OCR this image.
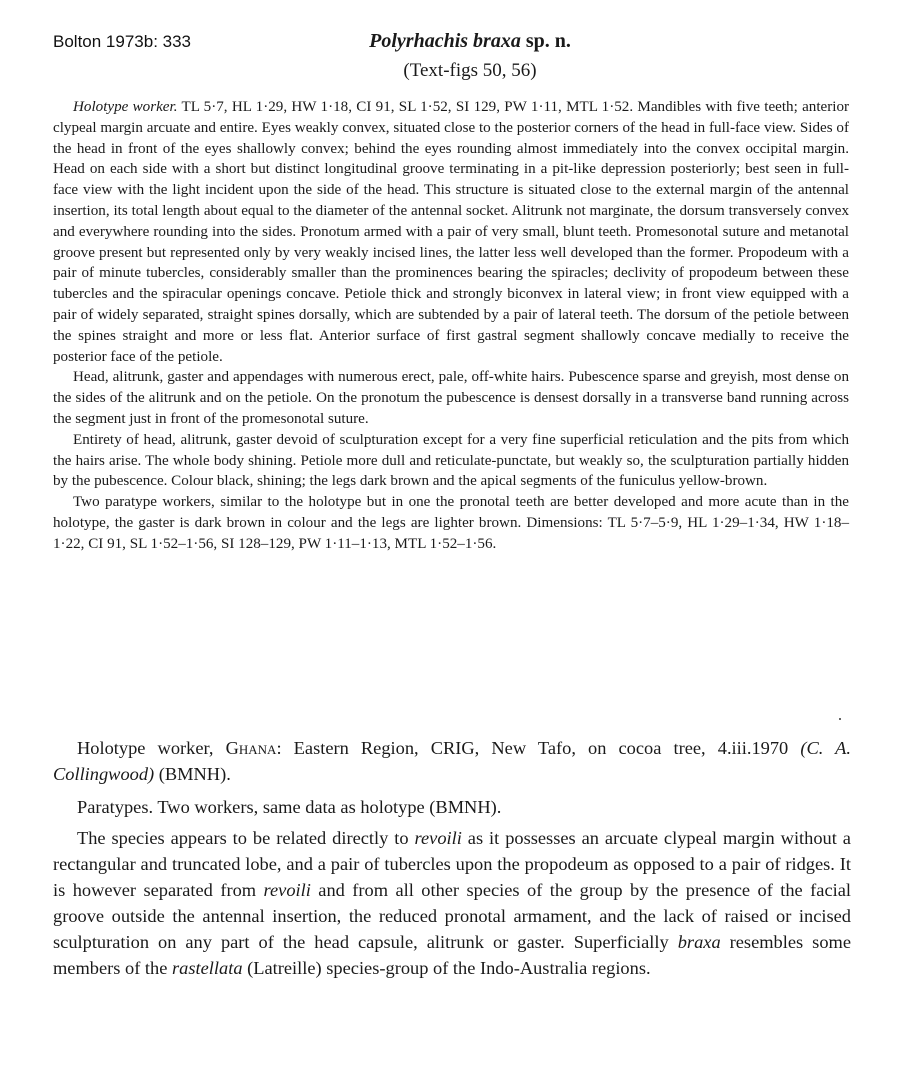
Bolton 1973b: 333	Polyrhachis braxa sp. n.
(Text-figs 50, 56)

Holotype worker. TL 5·7, HL 1·29, HW 1·18, CI 91, SL 1·52, SI 129, PW 1·11, MTL 1·52. Mandibles with five teeth; anterior clypeal margin arcuate and entire. Eyes weakly convex, situated close to the posterior corners of the head in full-face view. Sides of the head in front of the eyes shallowly convex; behind the eyes rounding almost immediately into the convex occipital margin. Head on each side with a short but distinct longitudinal groove terminating in a pit-like depression posteriorly; best seen in full-face view with the light incident upon the side of the head. This structure is situated close to the external margin of the antennal insertion, its total length about equal to the diameter of the antennal socket. Alitrunk not marginate, the dorsum transversely convex and everywhere rounding into the sides. Pronotum armed with a pair of very small, blunt teeth. Promesonotal suture and metanotal groove present but represented only by very weakly incised lines, the latter less well developed than the former. Propodeum with a pair of minute tubercles, considerably smaller than the prominences bearing the spiracles; declivity of propodeum between these tubercles and the spiracular openings concave. Petiole thick and strongly biconvex in lateral view; in front view equipped with a pair of widely separated, straight spines dorsally, which are subtended by a pair of lateral teeth. The dorsum of the petiole between the spines straight and more or less flat. Anterior surface of first gastral segment shallowly concave medially to receive the posterior face of the petiole.

Head, alitrunk, gaster and appendages with numerous erect, pale, off-white hairs. Pubescence sparse and greyish, most dense on the sides of the alitrunk and on the petiole. On the pronotum the pubescence is densest dorsally in a transverse band running across the segment just in front of the promesonotal suture.

Entirety of head, alitrunk, gaster devoid of sculpturation except for a very fine superficial reticulation and the pits from which the hairs arise. The whole body shining. Petiole more dull and reticulate-punctate, but weakly so, the sculpturation partially hidden by the pubescence. Colour black, shining; the legs dark brown and the apical segments of the funiculus yellow-brown.

Two paratype workers, similar to the holotype but in one the pronotal teeth are better developed and more acute than in the holotype, the gaster is dark brown in colour and the legs are lighter brown. Dimensions: TL 5·7–5·9, HL 1·29–1·34, HW 1·18–1·22, CI 91, SL 1·52–1·56, SI 128–129, PW 1·11–1·13, MTL 1·52–1·56.

Holotype worker, Ghana: Eastern Region, CRIG, New Tafo, on cocoa tree, 4.iii.1970 (C. A. Collingwood) (BMNH).

Paratypes. Two workers, same data as holotype (BMNH).

The species appears to be related directly to revoili as it possesses an arcuate clypeal margin without a rectangular and truncated lobe, and a pair of tubercles upon the propodeum as opposed to a pair of ridges. It is however separated from revoili and from all other species of the group by the presence of the facial groove outside the antennal insertion, the reduced pronotal armament, and the lack of raised or incised sculpturation on any part of the head capsule, alitrunk or gaster. Superficially braxa resembles some members of the rastellata (Latreille) species-group of the Indo-Australia regions.
